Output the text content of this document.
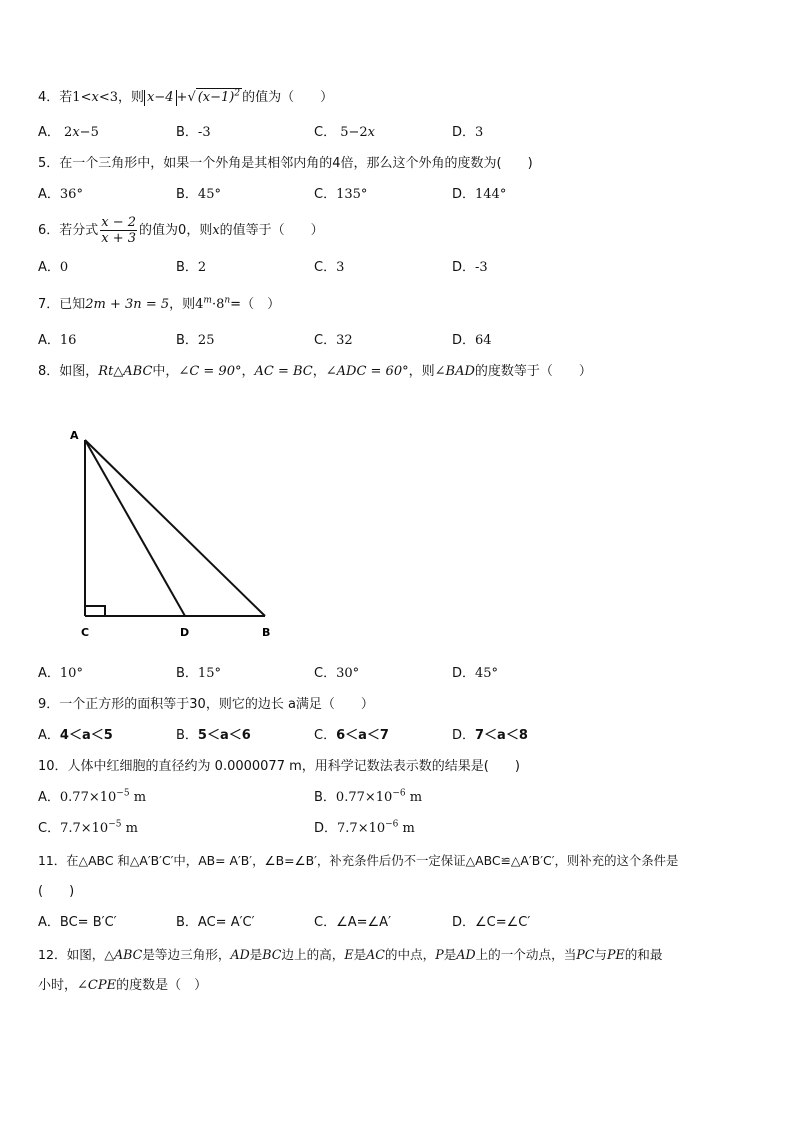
4．若1<x<3，则 x−4 +√ $(x-1)^2$ 的值为（　　）
A． 2x−5	B．-3	C． 5−2x	D．3
5．在一个三角形中，如果一个外角是其相邻内角的4倍，那么这个外角的度数为(　　)
A．36°	B．45°	C．135°	D．144°
6．若分式 $\frac{x - 2}{x + 3}$ 的值为0，则x的值等于（　　）
A．0	B．2	C．3	D．-3
7．已知2m + 3n = 5，则$4^m\cdot 8^n=$（　）
A．16	B．25	C．32	D．64
8．如图，Rt△ABC中，∠C = 90°，AC = BC，∠ADC = 60°，则∠BAD的度数等于（　　）
A
C	D	B
A．10°	B．15°	C．30°	D．45°
9．一个正方形的面积等于30，则它的边长 a满足（　　）
A．4＜a＜5	B．5＜a＜6	C．6＜a＜7	D．7＜a＜8
10．人体中红细胞的直径约为 0.0000077 m，用科学记数法表示数的结果是(　　)
A．$0.77\times 10^{-5}$ m	B．$0.77\times 10^{-6}$ m
C．$7.7\times 10^{-5}$ m	D．$7.7\times 10^{-6}$ m
11．在△ABC 和△A′B′C′中，AB= A′B′，∠B=∠B′，补充条件后仍不一定保证△ABC≌△A′B′C′，则补充的这个条件是
(　　)
A．BC= B′C′	B．AC= A′C′	C．∠A=∠A′	D．∠C=∠C′
12．如图，△ABC是等边三角形，AD是BC边上的高，E是AC的中点，P是AD上的一个动点，当PC与PE的和最
小时，∠CPE的度数是（　）
